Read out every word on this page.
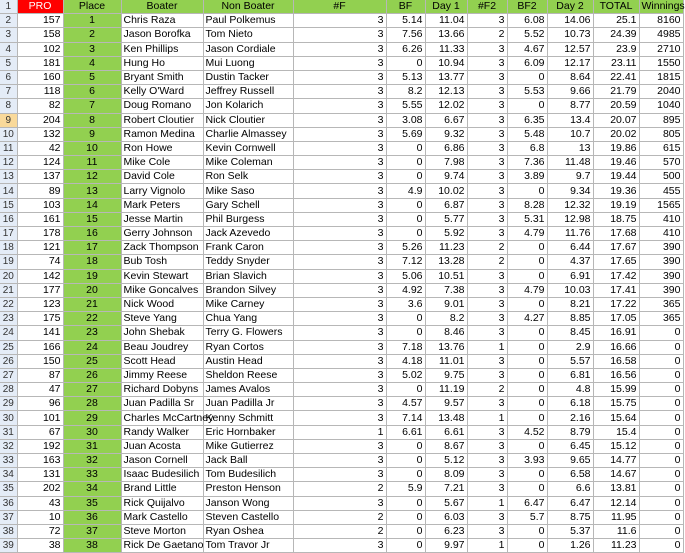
1	PRO	Place	Boater	Non Boater	#F	BF	Day 1	#F2	BF2	Day 2	TOTAL	Winnings
2	157	1	Chris Raza	Paul Polkemus	3	5.14	11.04	3	6.08	14.06	25.1	8160
3	158	2	Jason Borofka	Tom Nieto	3	7.56	13.66	2	5.52	10.73	24.39	4985
4	102	3	Ken Phillips	Jason Cordiale	3	6.26	11.33	3	4.67	12.57	23.9	2710
5	181	4	Hung Ho	Mui Luong	3	0	10.94	3	6.09	12.17	23.11	1550
6	160	5	Bryant Smith	Dustin Tacker	3	5.13	13.77	3	0	8.64	22.41	1815
7	118	6	Kelly O'Ward	Jeffrey Russell	3	8.2	12.13	3	5.53	9.66	21.79	2040
8	82	7	Doug Romano	Jon Kolarich	3	5.55	12.02	3	0	8.77	20.59	1040
9	204	8	Robert Cloutier	Nick Cloutier	3	3.08	6.67	3	6.35	13.4	20.07	895
10	132	9	Ramon Medina	Charlie Almassey	3	5.69	9.32	3	5.48	10.7	20.02	805
11	42	10	Ron Howe	Kevin Cornwell	3	0	6.86	3	6.8	13	19.86	615
12	124	11	Mike Cole	Mike Coleman	3	0	7.98	3	7.36	11.48	19.46	570
13	137	12	David Cole	Ron Selk	3	0	9.74	3	3.89	9.7	19.44	500
14	89	13	Larry Vignolo	Mike Saso	3	4.9	10.02	3	0	9.34	19.36	455
15	103	14	Mark Peters	Gary Schell	3	0	6.87	3	8.28	12.32	19.19	1565
16	161	15	Jesse Martin	Phil Burgess	3	0	5.77	3	5.31	12.98	18.75	410
17	178	16	Gerry Johnson	Jack Azevedo	3	0	5.92	3	4.79	11.76	17.68	410
18	121	17	Zack Thompson	Frank Caron	3	5.26	11.23	2	0	6.44	17.67	390
19	74	18	Bub Tosh	Teddy Snyder	3	7.12	13.28	2	0	4.37	17.65	390
20	142	19	Kevin Stewart	Brian Slavich	3	5.06	10.51	3	0	6.91	17.42	390
21	177	20	Mike Goncalves	Brandon Silvey	3	4.92	7.38	3	4.79	10.03	17.41	390
22	123	21	Nick Wood	Mike Carney	3	3.6	9.01	3	0	8.21	17.22	365
23	175	22	Steve Yang	Chua Yang	3	0	8.2	3	4.27	8.85	17.05	365
24	141	23	John Shebak	Terry G. Flowers	3	0	8.46	3	0	8.45	16.91	0
25	166	24	Beau Joudrey	Ryan Cortos	3	7.18	13.76	1	0	2.9	16.66	0
26	150	25	Scott Head	Austin Head	3	4.18	11.01	3	0	5.57	16.58	0
27	87	26	Jimmy Reese	Sheldon Reese	3	5.02	9.75	3	0	6.81	16.56	0
28	47	27	Richard Dobyns	James Avalos	3	0	11.19	2	0	4.8	15.99	0
29	96	28	Juan Padilla Sr	Juan Padilla Jr	3	4.57	9.57	3	0	6.18	15.75	0
30	101	29	Charles McCartney	Kenny Schmitt	3	7.14	13.48	1	0	2.16	15.64	0
31	67	30	Randy Walker	Eric Hornbaker	1	6.61	6.61	3	4.52	8.79	15.4	0
32	192	31	Juan Acosta	Mike Gutierrez	3	0	8.67	3	0	6.45	15.12	0
33	163	32	Jason Cornell	Jack Ball	3	0	5.12	3	3.93	9.65	14.77	0
34	131	33	Isaac Budesilich	Tom Budesilich	3	0	8.09	3	0	6.58	14.67	0
35	202	34	Brand Little	Preston Henson	2	5.9	7.21	3	0	6.6	13.81	0
36	43	35	Rick Quijalvo	Janson Wong	3	0	5.67	1	6.47	6.47	12.14	0
37	10	36	Mark Castello	Steven Castello	2	0	6.03	3	5.7	8.75	11.95	0
38	72	37	Steve Morton	Ryan Oshea	2	0	6.23	3	0	5.37	11.6	0
39	38	38	Rick De Gaetano	Tom Travor Jr	3	0	9.97	1	0	1.26	11.23	0
